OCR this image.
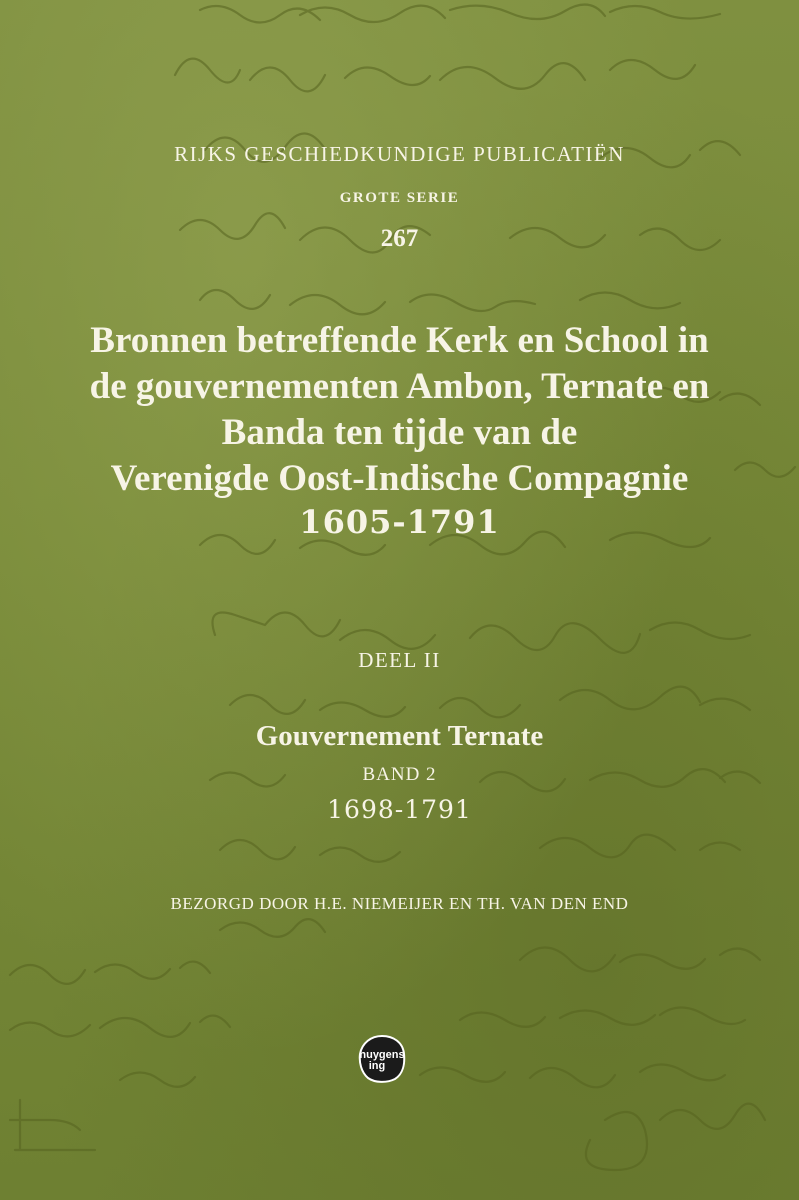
RIJKS GESCHIEDKUNDIGE PUBLICATIËN
GROTE SERIE
267
Bronnen betreffende Kerk en School in
de gouvernementen Ambon, Ternate en
Banda ten tijde van de
Verenigde Oost-Indische Compagnie
1605-1791
DEEL II
Gouvernement Ternate
BAND 2
1698-1791
BEZORGD DOOR H.E. NIEMEIJER EN TH. VAN DEN END
huygens
ing
